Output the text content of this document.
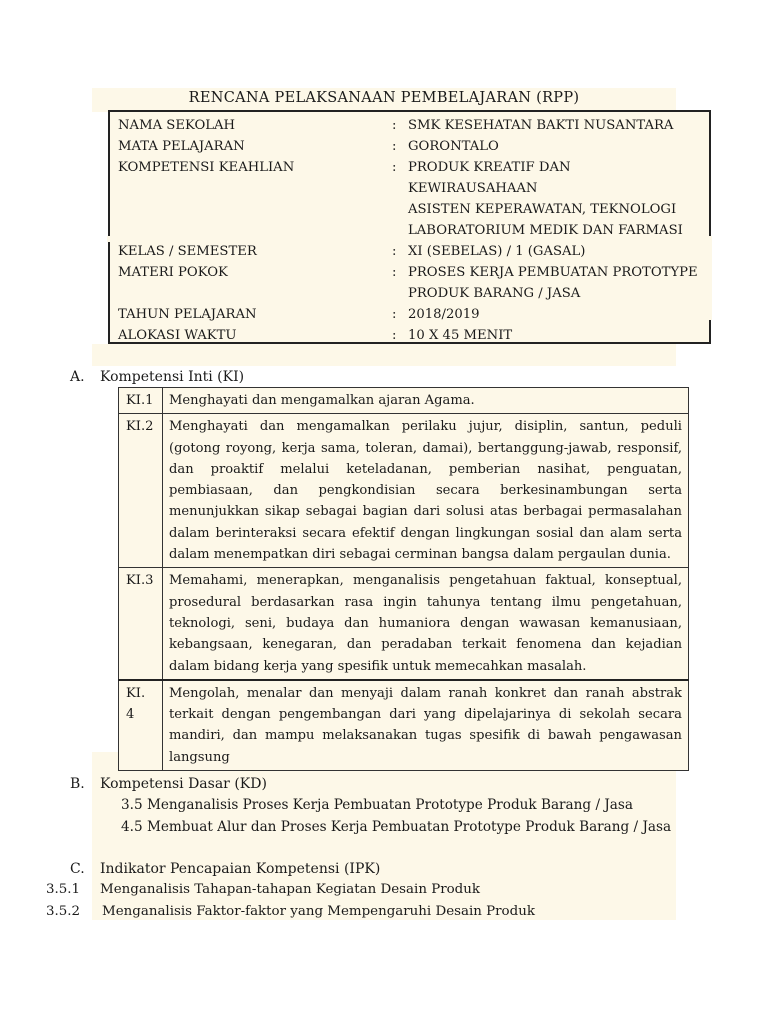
RENCANA PELAKSANAAN PEMBELAJARAN (RPP)
NAMA SEKOLAH	: SMK KESEHATAN BAKTI NUSANTARA
MATA PELAJARAN	: GORONTALO
KOMPETENSI KEAHLIAN	: PRODUK KREATIF DAN
KEWIRAUSAHAAN
ASISTEN KEPERAWATAN, TEKNOLOGI
LABORATORIUM MEDIK DAN FARMASI
KELAS / SEMESTER	: XI (SEBELAS) / 1 (GASAL)
MATERI POKOK	: PROSES KERJA PEMBUATAN PROTOTYPE
PRODUK BARANG / JASA
TAHUN PELAJARAN	: 2018/2019
ALOKASI WAKTU	: 10 X 45 MENIT
A. Kompetensi Inti (KI)
KI.1	Menghayati dan mengamalkan ajaran Agama.
KI.2	Menghayati dan mengamalkan perilaku jujur, disiplin, santun, peduli (gotong royong, kerja sama, toleran, damai), bertanggung-jawab, responsif, dan proaktif melalui keteladanan, pemberian nasihat, penguatan, pembiasaan, dan pengkondisian secara berkesinambungan serta menunjukkan sikap sebagai bagian dari solusi atas berbagai permasalahan dalam berinteraksi secara efektif dengan lingkungan sosial dan alam serta dalam menempatkan diri sebagai cerminan bangsa dalam pergaulan dunia.
KI.3	Memahami, menerapkan, menganalisis pengetahuan faktual, konseptual, prosedural berdasarkan rasa ingin tahunya tentang ilmu pengetahuan, teknologi, seni, budaya dan humaniora dengan wawasan kemanusiaan, kebangsaan, kenegaran, dan peradaban terkait fenomena dan kejadian dalam bidang kerja yang spesifik untuk memecahkan masalah.
KI. 4	Mengolah, menalar dan menyaji dalam ranah konkret dan ranah abstrak terkait dengan pengembangan dari yang dipelajarinya di sekolah secara mandiri, dan mampu melaksanakan tugas spesifik di bawah pengawasan langsung
B. Kompetensi Dasar (KD)
3.5 Menganalisis Proses Kerja Pembuatan Prototype Produk Barang / Jasa
4.5 Membuat Alur dan Proses Kerja Pembuatan Prototype Produk Barang / Jasa
C. Indikator Pencapaian Kompetensi (IPK)
3.5.1 Menganalisis Tahapan-tahapan Kegiatan Desain Produk
3.5.2 Menganalisis Faktor-faktor yang Mempengaruhi Desain Produk
